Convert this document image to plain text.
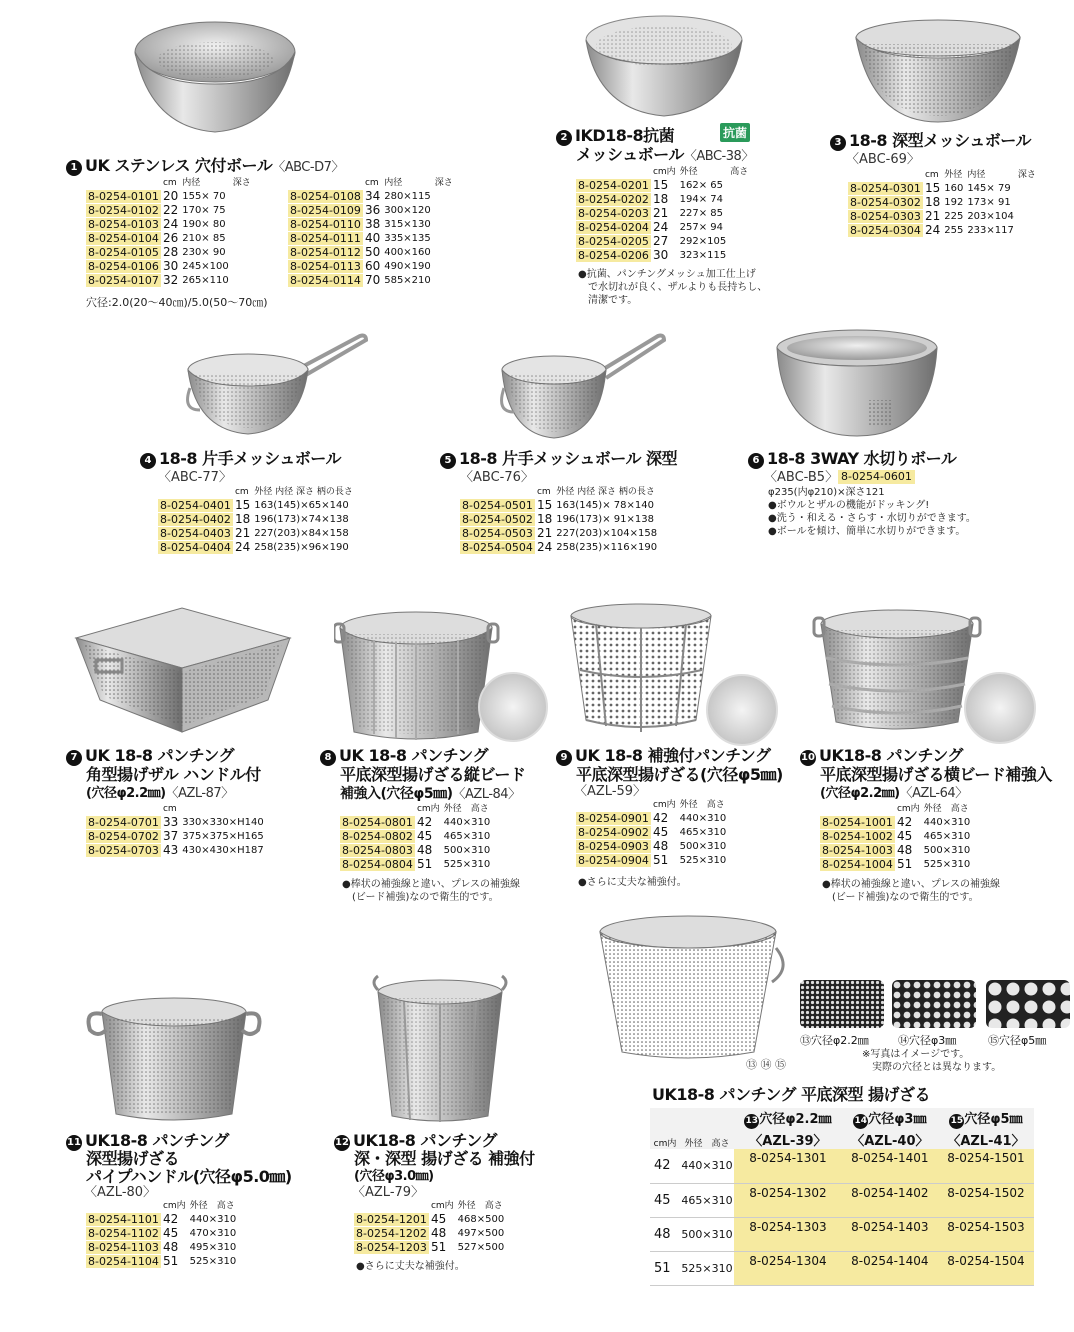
1 UK ステンレス 穴付ボール〈ABC-D7〉
	cm	内径	深さ
8-0254-0101	20	155× 70	
8-0254-0102	22	170× 75	
8-0254-0103	24	190× 80	
8-0254-0104	26	210× 85	
8-0254-0105	28	230× 90	
8-0254-0106	30	245×100	
8-0254-0107	32	265×110	
	cm	内径	深さ
8-0254-0108	34	280×115	
8-0254-0109	36	300×120	
8-0254-0110	38	315×130	
8-0254-0111	40	335×135	
8-0254-0112	50	400×160	
8-0254-0113	60	490×190	
8-0254-0114	70	585×210	
穴径:2.0(20〜40㎝)/5.0(50〜70㎝)
2 IKD18-8抗菌	抗菌
メッシュボール〈ABC-38〉
	cm内	外径	高さ
8-0254-0201	15	162× 65	
8-0254-0202	18	194× 74	
8-0254-0203	21	227× 85	
8-0254-0204	24	257× 94	
8-0254-0205	27	292×105	
8-0254-0206	30	323×115	
●抗菌、パンチングメッシュ加工仕上げ
　で水切れが良く、ザルよりも長持ちし、
　清潔です。
3 18-8 深型メッシュボール
〈ABC-69〉
	cm	外径	内径	深さ
8-0254-0301	15	160	145× 79	
8-0254-0302	18	192	173× 91	
8-0254-0303	21	225	203×104	
8-0254-0304	24	255	233×117	
4 18-8 片手メッシュボール
〈ABC-77〉
	cm	外径 内径 深さ 柄の長さ
8-0254-0401	15	163(145)×65×140
8-0254-0402	18	196(173)×74×138
8-0254-0403	21	227(203)×84×158
8-0254-0404	24	258(235)×96×190
5 18-8 片手メッシュボール 深型
〈ABC-76〉
	cm	外径 内径 深さ 柄の長さ
8-0254-0501	15	163(145)× 78×140
8-0254-0502	18	196(173)× 91×138
8-0254-0503	21	227(203)×104×158
8-0254-0504	24	258(235)×116×190
6 18-8 3WAY 水切りボール
〈ABC-B5〉 8-0254-0601
φ235(内φ210)×深さ121
●ボウルとザルの機能がドッキング!
●洗う・和える・さらす・水切りができます。
●ボールを傾け、簡単に水切りができます。
7 UK 18-8 パンチング
角型揚げザル ハンドル付
(穴径φ2.2㎜)〈AZL-87〉
	cm	
8-0254-0701	33	330×330×H140
8-0254-0702	37	375×375×H165
8-0254-0703	43	430×430×H187
8 UK 18-8 パンチング
平底深型揚げざる縦ビード
補強入(穴径φ5㎜)〈AZL-84〉
	cm内	外径　 高さ
8-0254-0801	42	440×310
8-0254-0802	45	465×310
8-0254-0803	48	500×310
8-0254-0804	51	525×310
●棒状の補強線と違い、プレスの補強線
　(ビード補強)なので衛生的です。
9 UK 18-8 補強付パンチング
平底深型揚げざる(穴径φ5㎜)
〈AZL-59〉
	cm内	外径　 高さ
8-0254-0901	42	440×310
8-0254-0902	45	465×310
8-0254-0903	48	500×310
8-0254-0904	51	525×310
●さらに丈夫な補強付。
10 UK18-8 パンチング
平底深型揚げざる横ビード補強入
(穴径φ2.2㎜)〈AZL-64〉
	cm内	外径　 高さ
8-0254-1001	42	440×310
8-0254-1002	45	465×310
8-0254-1003	48	500×310
8-0254-1004	51	525×310
●棒状の補強線と違い、プレスの補強線
　(ビード補強)なので衛生的です。
⑬ ⑭ ⑮
⑬穴径φ2.2㎜	⑭穴径φ3㎜	⑮穴径φ5㎜
※写真はイメージです。
　実際の穴径とは異なります。
11 UK18-8 パンチング
深型揚げざる
パイプハンドル(穴径φ5.0㎜)
〈AZL-80〉
	cm内	外径　 高さ
8-0254-1101	42	440×310
8-0254-1102	45	470×310
8-0254-1103	48	495×310
8-0254-1104	51	525×310
12 UK18-8 パンチング
深・深型 揚げざる 補強付
(穴径φ3.0㎜)
〈AZL-79〉
	cm内	外径　 高さ
8-0254-1201	45	468×500
8-0254-1202	48	497×500
8-0254-1203	51	527×500
●さらに丈夫な補強付。
UK18-8 パンチング 平底深型 揚げざる
cm内	外径　 高さ	13穴径φ2.2㎜	14穴径φ3㎜	15穴径φ5㎜
		〈AZL-39〉	〈AZL-40〉	〈AZL-41〉
42	440×310	8-0254-1301	8-0254-1401	8-0254-1501
45	465×310	8-0254-1302	8-0254-1402	8-0254-1502
48	500×310	8-0254-1303	8-0254-1403	8-0254-1503
51	525×310	8-0254-1304	8-0254-1404	8-0254-1504
